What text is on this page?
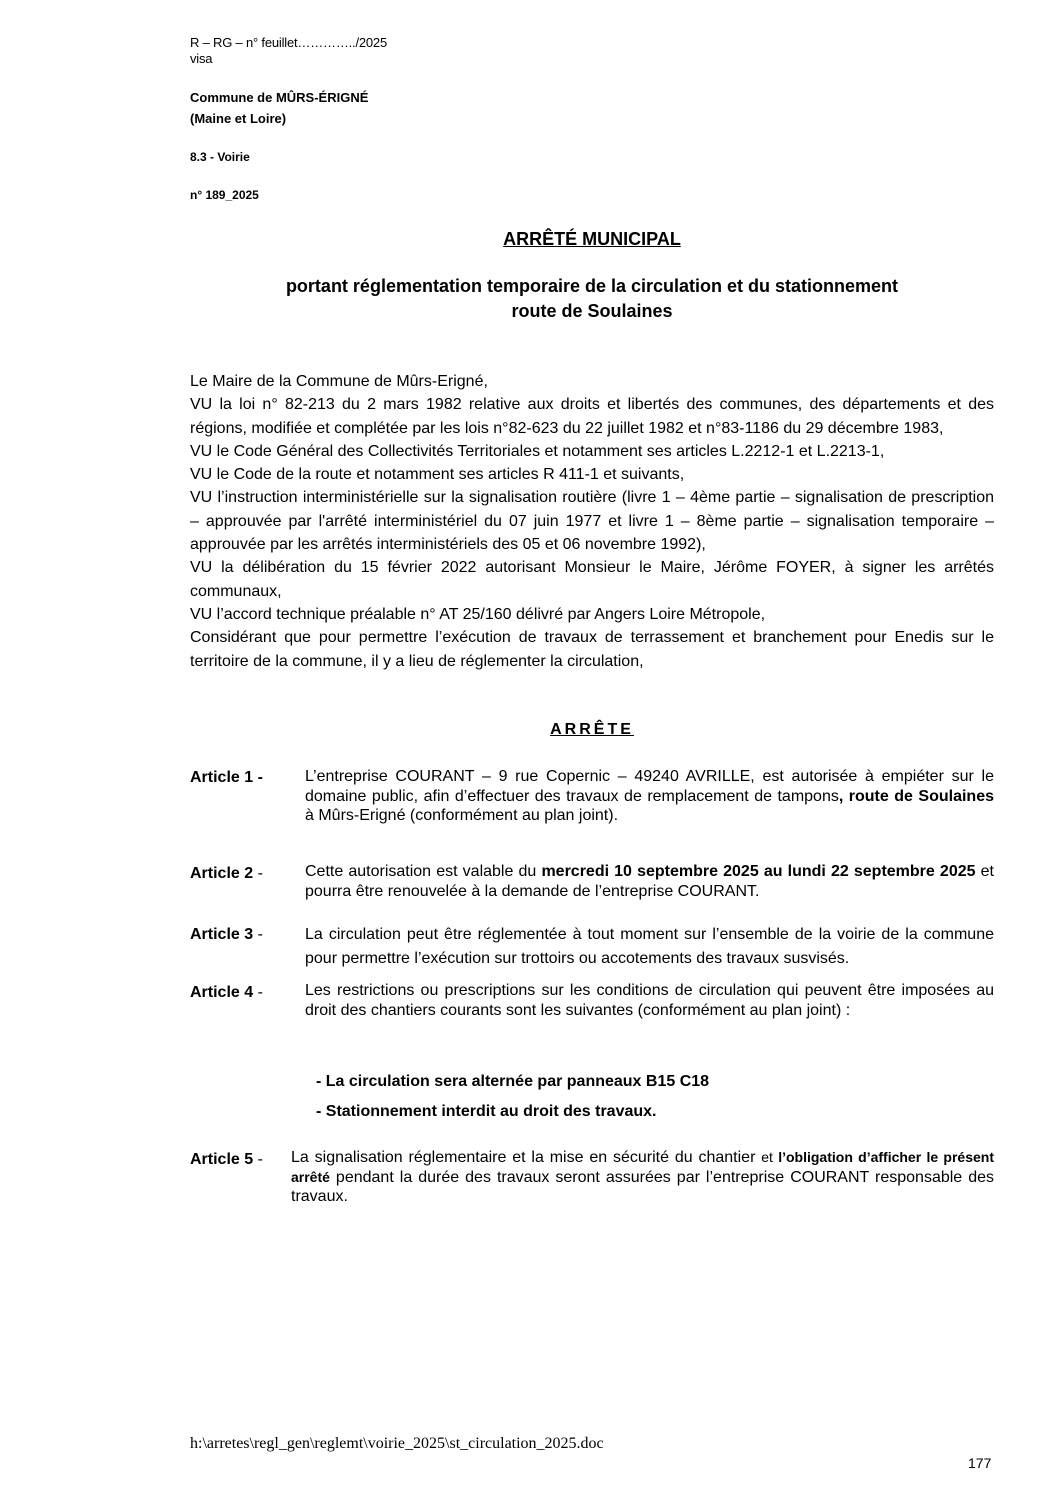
R – RG – n° feuillet…………../2025
visa
Commune de MÛRS-ÉRIGNÉ
(Maine et Loire)
8.3 - Voirie
n° 189_2025
ARRÊTÉ MUNICIPAL
portant réglementation temporaire de la circulation et du stationnement
route de Soulaines

Le Maire de la Commune de Mûrs-Erigné,

VU la loi n° 82-213 du 2 mars 1982 relative aux droits et libertés des communes, des départements et des régions, modifiée et complétée par les lois n°82-623 du 22 juillet 1982 et n°83-1186 du 29 décembre 1983,

VU le Code Général des Collectivités Territoriales et notamment ses articles L.2212-1 et L.2213-1,

VU le Code de la route et notamment ses articles R 411-1 et suivants,

VU l’instruction interministérielle sur la signalisation routière (livre 1 – 4ème partie – signalisation de prescription – approuvée par l'arrêté interministériel du 07 juin 1977 et livre 1 – 8ème partie – signalisation temporaire – approuvée par les arrêtés interministériels des 05 et 06 novembre 1992),

VU la délibération du 15 février 2022 autorisant Monsieur le Maire, Jérôme FOYER, à signer les arrêtés communaux,

VU l’accord technique préalable n° AT 25/160 délivré par Angers Loire Métropole,

Considérant que pour permettre l’exécution de travaux de terrassement et branchement pour Enedis sur le territoire de la commune, il y a lieu de réglementer la circulation,

ARRÊTE
Article 1 -	L’entreprise COURANT – 9 rue Copernic – 49240 AVRILLE, est autorisée à empiéter sur le domaine public, afin d’effectuer des travaux de remplacement de tampons, route de Soulaines à Mûrs-Erigné (conformément au plan joint).
Article 2 -	Cette autorisation est valable du mercredi 10 septembre 2025 au lundi 22 septembre 2025 et pourra être renouvelée à la demande de l’entreprise COURANT.
Article 3 -	La circulation peut être réglementée à tout moment sur l’ensemble de la voirie de la commune pour permettre l’exécution sur trottoirs ou accotements des travaux susvisés.
Article 4 -	Les restrictions ou prescriptions sur les conditions de circulation qui peuvent être imposées au droit des chantiers courants sont les suivantes (conformément au plan joint) :
- La circulation sera alternée par panneaux B15 C18
- Stationnement interdit au droit des travaux.
Article 5 - La signalisation réglementaire et la mise en sécurité du chantier et l’obligation d’afficher le présent arrêté pendant la durée des travaux seront assurées par l’entreprise COURANT responsable des travaux.
h:\arretes\regl_gen\reglemt\voirie_2025\st_circulation_2025.doc
177
